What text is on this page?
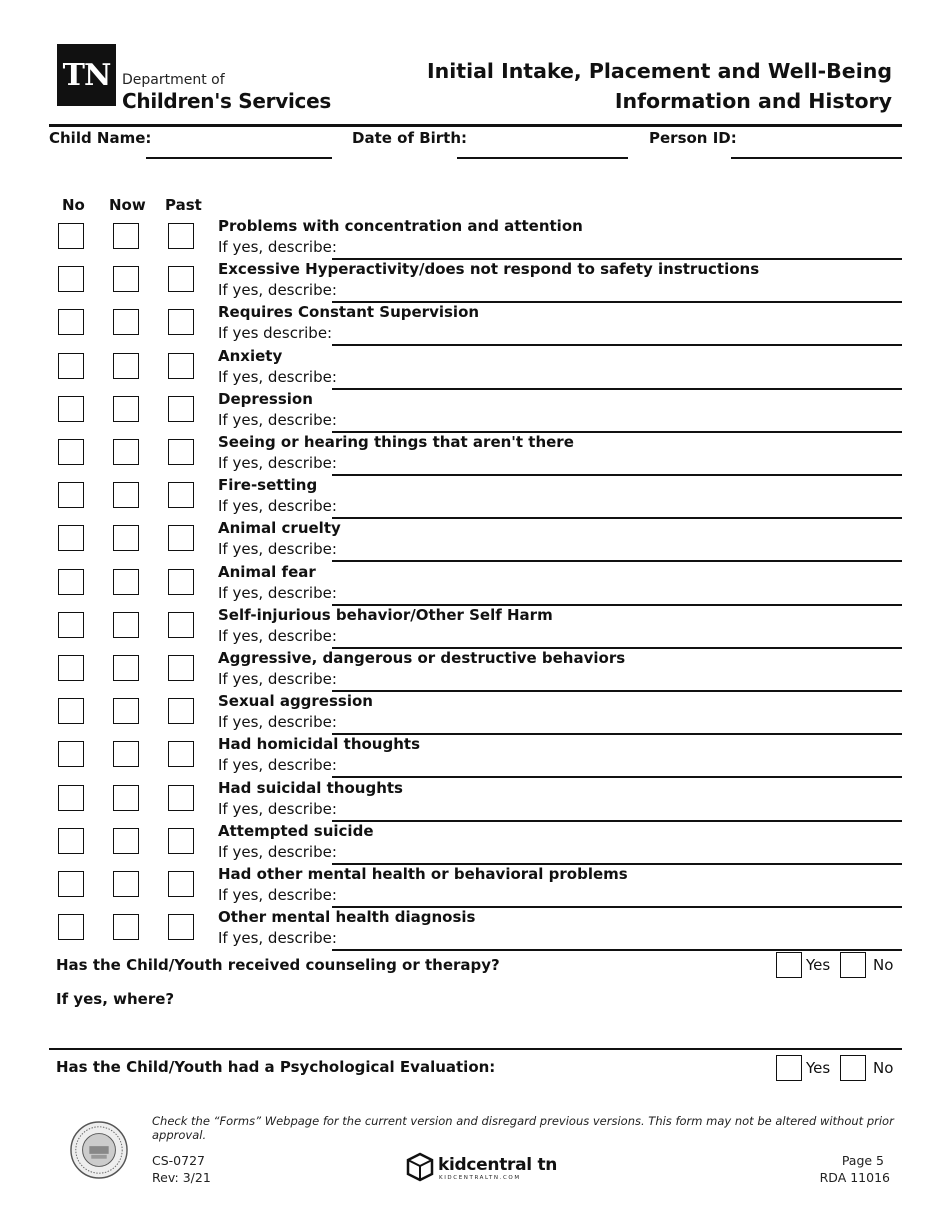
TN Department of
Children's Services
Initial Intake, Placement and Well-Being
Information and History
Child Name:	Date of Birth:	Person ID:
No Now Past
Problems with concentration and attention
If yes, describe:
Excessive Hyperactivity/does not respond to safety instructions
If yes, describe:
Requires Constant Supervision
If yes describe:
Anxiety
If yes, describe:
Depression
If yes, describe:
Seeing or hearing things that aren't there
If yes, describe:
Fire-setting
If yes, describe:
Animal cruelty
If yes, describe:
Animal fear
If yes, describe:
Self-injurious behavior/Other Self Harm
If yes, describe:
Aggressive, dangerous or destructive behaviors
If yes, describe:
Sexual aggression
If yes, describe:
Had homicidal thoughts
If yes, describe:
Had suicidal thoughts
If yes, describe:
Attempted suicide
If yes, describe:
Had other mental health or behavioral problems
If yes, describe:
Other mental health diagnosis
If yes, describe:
Has the Child/Youth received counseling or therapy?	Yes	No
If yes, where?
Has the Child/Youth had a Psychological Evaluation:	Yes	No
Check the “Forms” Webpage for the current version and disregard previous versions. This form may not be altered without prior approval.
CS-0727
Rev: 3/21
kidcentral tn
KIDCENTRALTN.COM
Page 5
RDA 11016
